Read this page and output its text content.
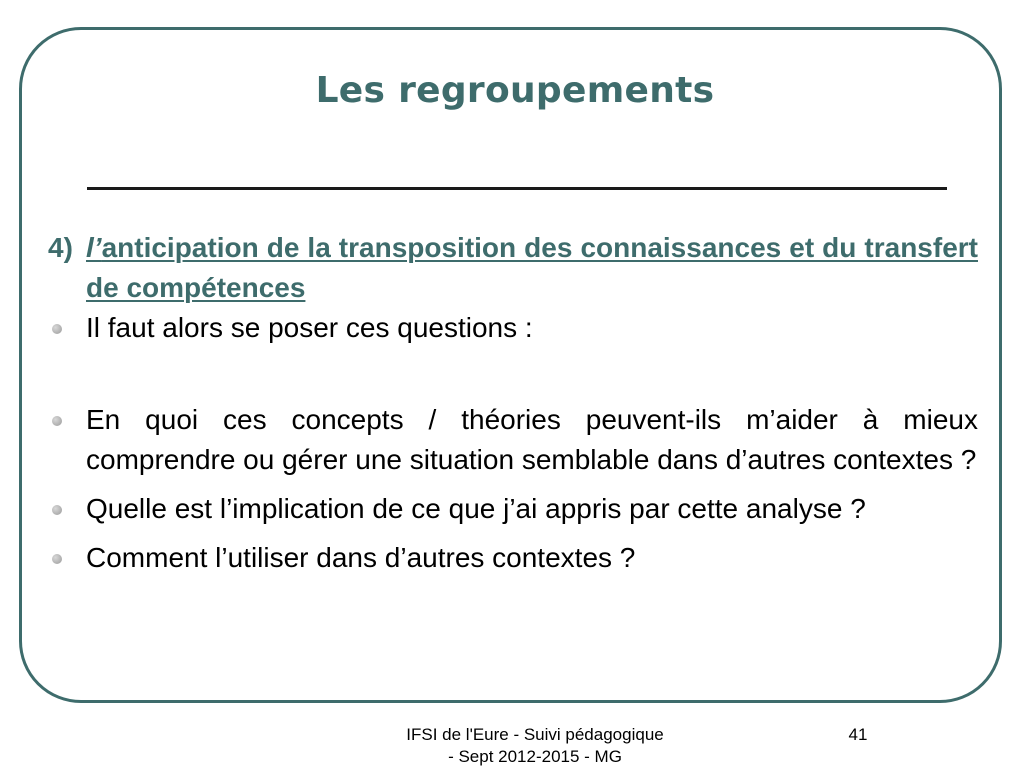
Les regroupements
4) l’anticipation de la transposition des connaissances et du transfert de compétences
Il faut alors se poser ces questions :
En quoi ces concepts / théories peuvent-ils m’aider à mieux comprendre ou gérer une situation semblable dans d’autres contextes ?
Quelle est l’implication de ce que j’ai appris par cette analyse ?
Comment l’utiliser dans d’autres contextes ?
IFSI de l'Eure - Suivi pédagogique
- Sept 2012-2015 - MG
41
